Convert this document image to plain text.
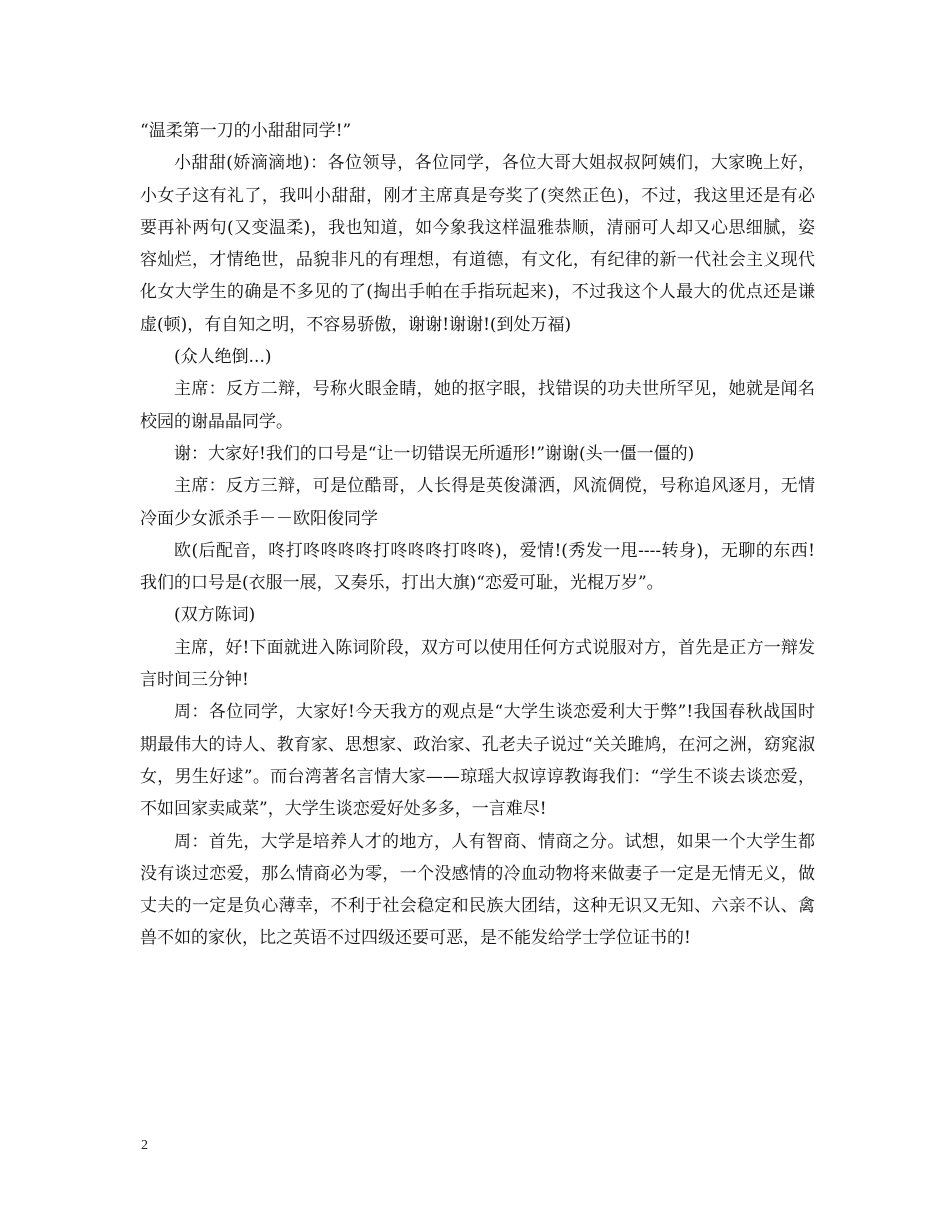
“温柔第一刀的小甜甜同学!”

小甜甜(娇滴滴地)：各位领导，各位同学，各位大哥大姐叔叔阿姨们，大家晚上好，小女子这有礼了，我叫小甜甜，刚才主席真是夸奖了(突然正色)，不过，我这里还是有必要再补两句(又变温柔)，我也知道，如今象我这样温雅恭顺，清丽可人却又心思细腻，姿容灿烂，才情绝世，品貌非凡的有理想，有道德，有文化，有纪律的新一代社会主义现代化女大学生的确是不多见的了(掏出手帕在手指玩起来)，不过我这个人最大的优点还是谦虚(顿)，有自知之明，不容易骄傲，谢谢!谢谢!(到处万福)

(众人绝倒...)

主席：反方二辩，号称火眼金睛，她的抠字眼，找错误的功夫世所罕见，她就是闻名校园的谢晶晶同学。

谢：大家好!我们的口号是“让一切错误无所遁形!”谢谢(头一僵一僵的)

主席：反方三辩，可是位酷哥，人长得是英俊潇洒，风流倜傥，号称追风逐月，无情冷面少女派杀手－－欧阳俊同学

欧(后配音，咚打咚咚咚咚打咚咚咚打咚咚)，爱情!(秀发一甩----转身)，无聊的东西!我们的口号是(衣服一展，又奏乐，打出大旗)“恋爱可耻，光棍万岁”。

(双方陈词)

主席，好!下面就进入陈词阶段，双方可以使用任何方式说服对方，首先是正方一辩发言时间三分钟!

周：各位同学，大家好!今天我方的观点是“大学生谈恋爱利大于弊”!我国春秋战国时期最伟大的诗人、教育家、思想家、政治家、孔老夫子说过“关关雎鸠，在河之洲，窈窕淑女，男生好逑”。而台湾著名言情大家——琼瑶大叔谆谆教诲我们：“学生不谈去谈恋爱，不如回家卖咸菜”，大学生谈恋爱好处多多，一言难尽!

周：首先，大学是培养人才的地方，人有智商、情商之分。试想，如果一个大学生都没有谈过恋爱，那么情商必为零，一个没感情的冷血动物将来做妻子一定是无情无义，做丈夫的一定是负心薄幸，不利于社会稳定和民族大团结，这种无识又无知、六亲不认、禽兽不如的家伙，比之英语不过四级还要可恶，是不能发给学士学位证书的!

2
